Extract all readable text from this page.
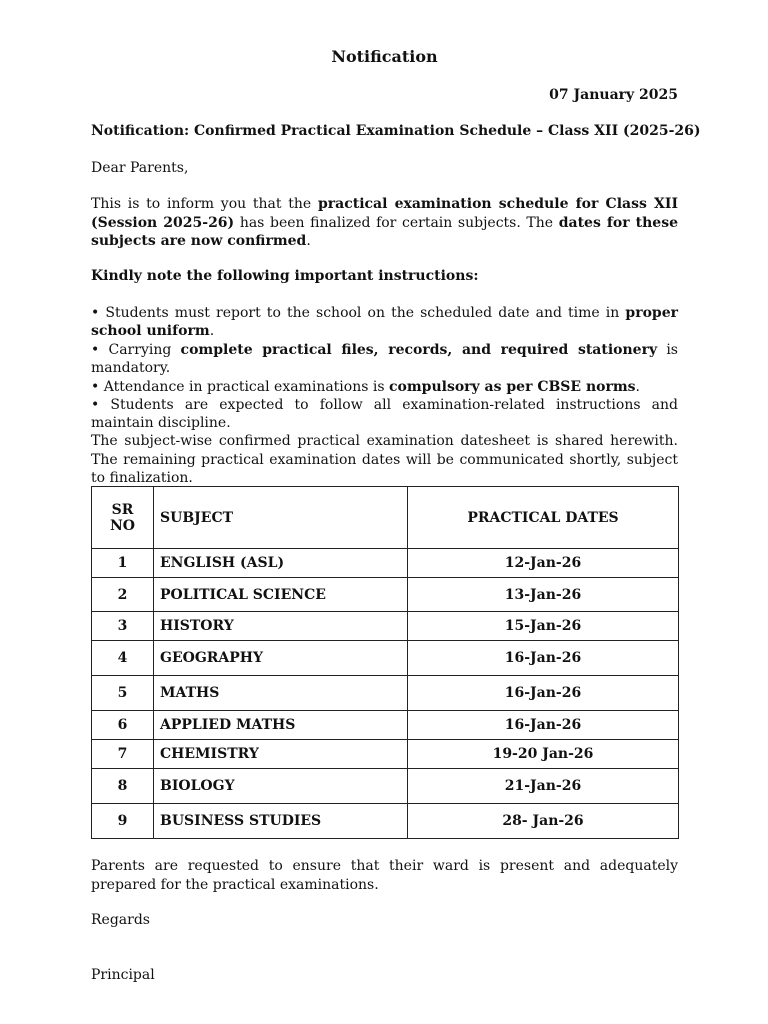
Notification
07 January 2025
Notification: Confirmed Practical Examination Schedule – Class XII (2025-26)
Dear Parents,
This is to inform you that the practical examination schedule for Class XII (Session 2025-26) has been finalized for certain subjects. The dates for these subjects are now confirmed.
Kindly note the following important instructions:
• Students must report to the school on the scheduled date and time in proper school uniform.
• Carrying complete practical files, records, and required stationery is mandatory.
• Attendance in practical examinations is compulsory as per CBSE norms.
• Students are expected to follow all examination-related instructions and maintain discipline.
The subject-wise confirmed practical examination datesheet is shared herewith. The remaining practical examination dates will be communicated shortly, subject to finalization.
SR NO	SUBJECT	PRACTICAL DATES
1	ENGLISH (ASL)	12-Jan-26
2	POLITICAL SCIENCE	13-Jan-26
3	HISTORY	15-Jan-26
4	GEOGRAPHY	16-Jan-26
5	MATHS	16-Jan-26
6	APPLIED MATHS	16-Jan-26
7	CHEMISTRY	19-20 Jan-26
8	BIOLOGY	21-Jan-26
9	BUSINESS STUDIES	28- Jan-26
Parents are requested to ensure that their ward is present and adequately prepared for the practical examinations.
Regards
Principal
